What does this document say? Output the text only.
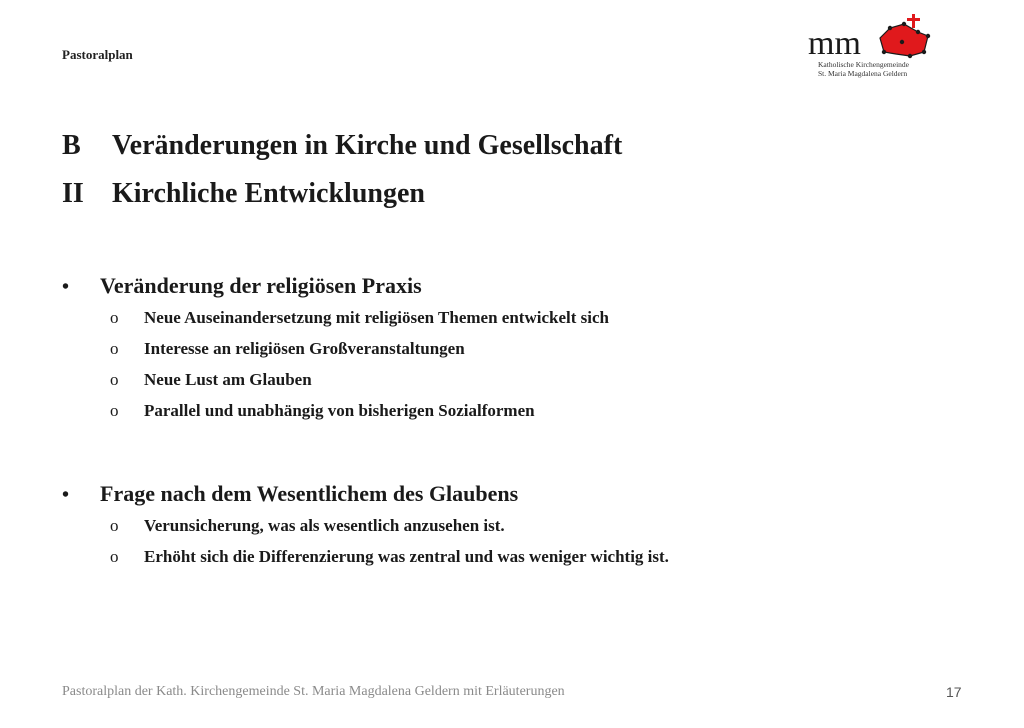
Pastoralplan	mm
Katholische Kirchengemeinde
St. Maria Magdalena Geldern
B Veränderungen in Kirche und Gesellschaft
II Kirchliche Entwicklungen
• Veränderung der religiösen Praxis
o Neue Auseinandersetzung mit religiösen Themen entwickelt sich
o Interesse an religiösen Großveranstaltungen
o Neue Lust am Glauben
o Parallel und unabhängig von bisherigen Sozialformen
• Frage nach dem Wesentlichem des Glaubens
o Verunsicherung, was als wesentlich anzusehen ist.
o Erhöht sich die Differenzierung was zentral und was weniger wichtig ist.
Pastoralplan der Kath. Kirchengemeinde St. Maria Magdalena Geldern mit Erläuterungen	17
